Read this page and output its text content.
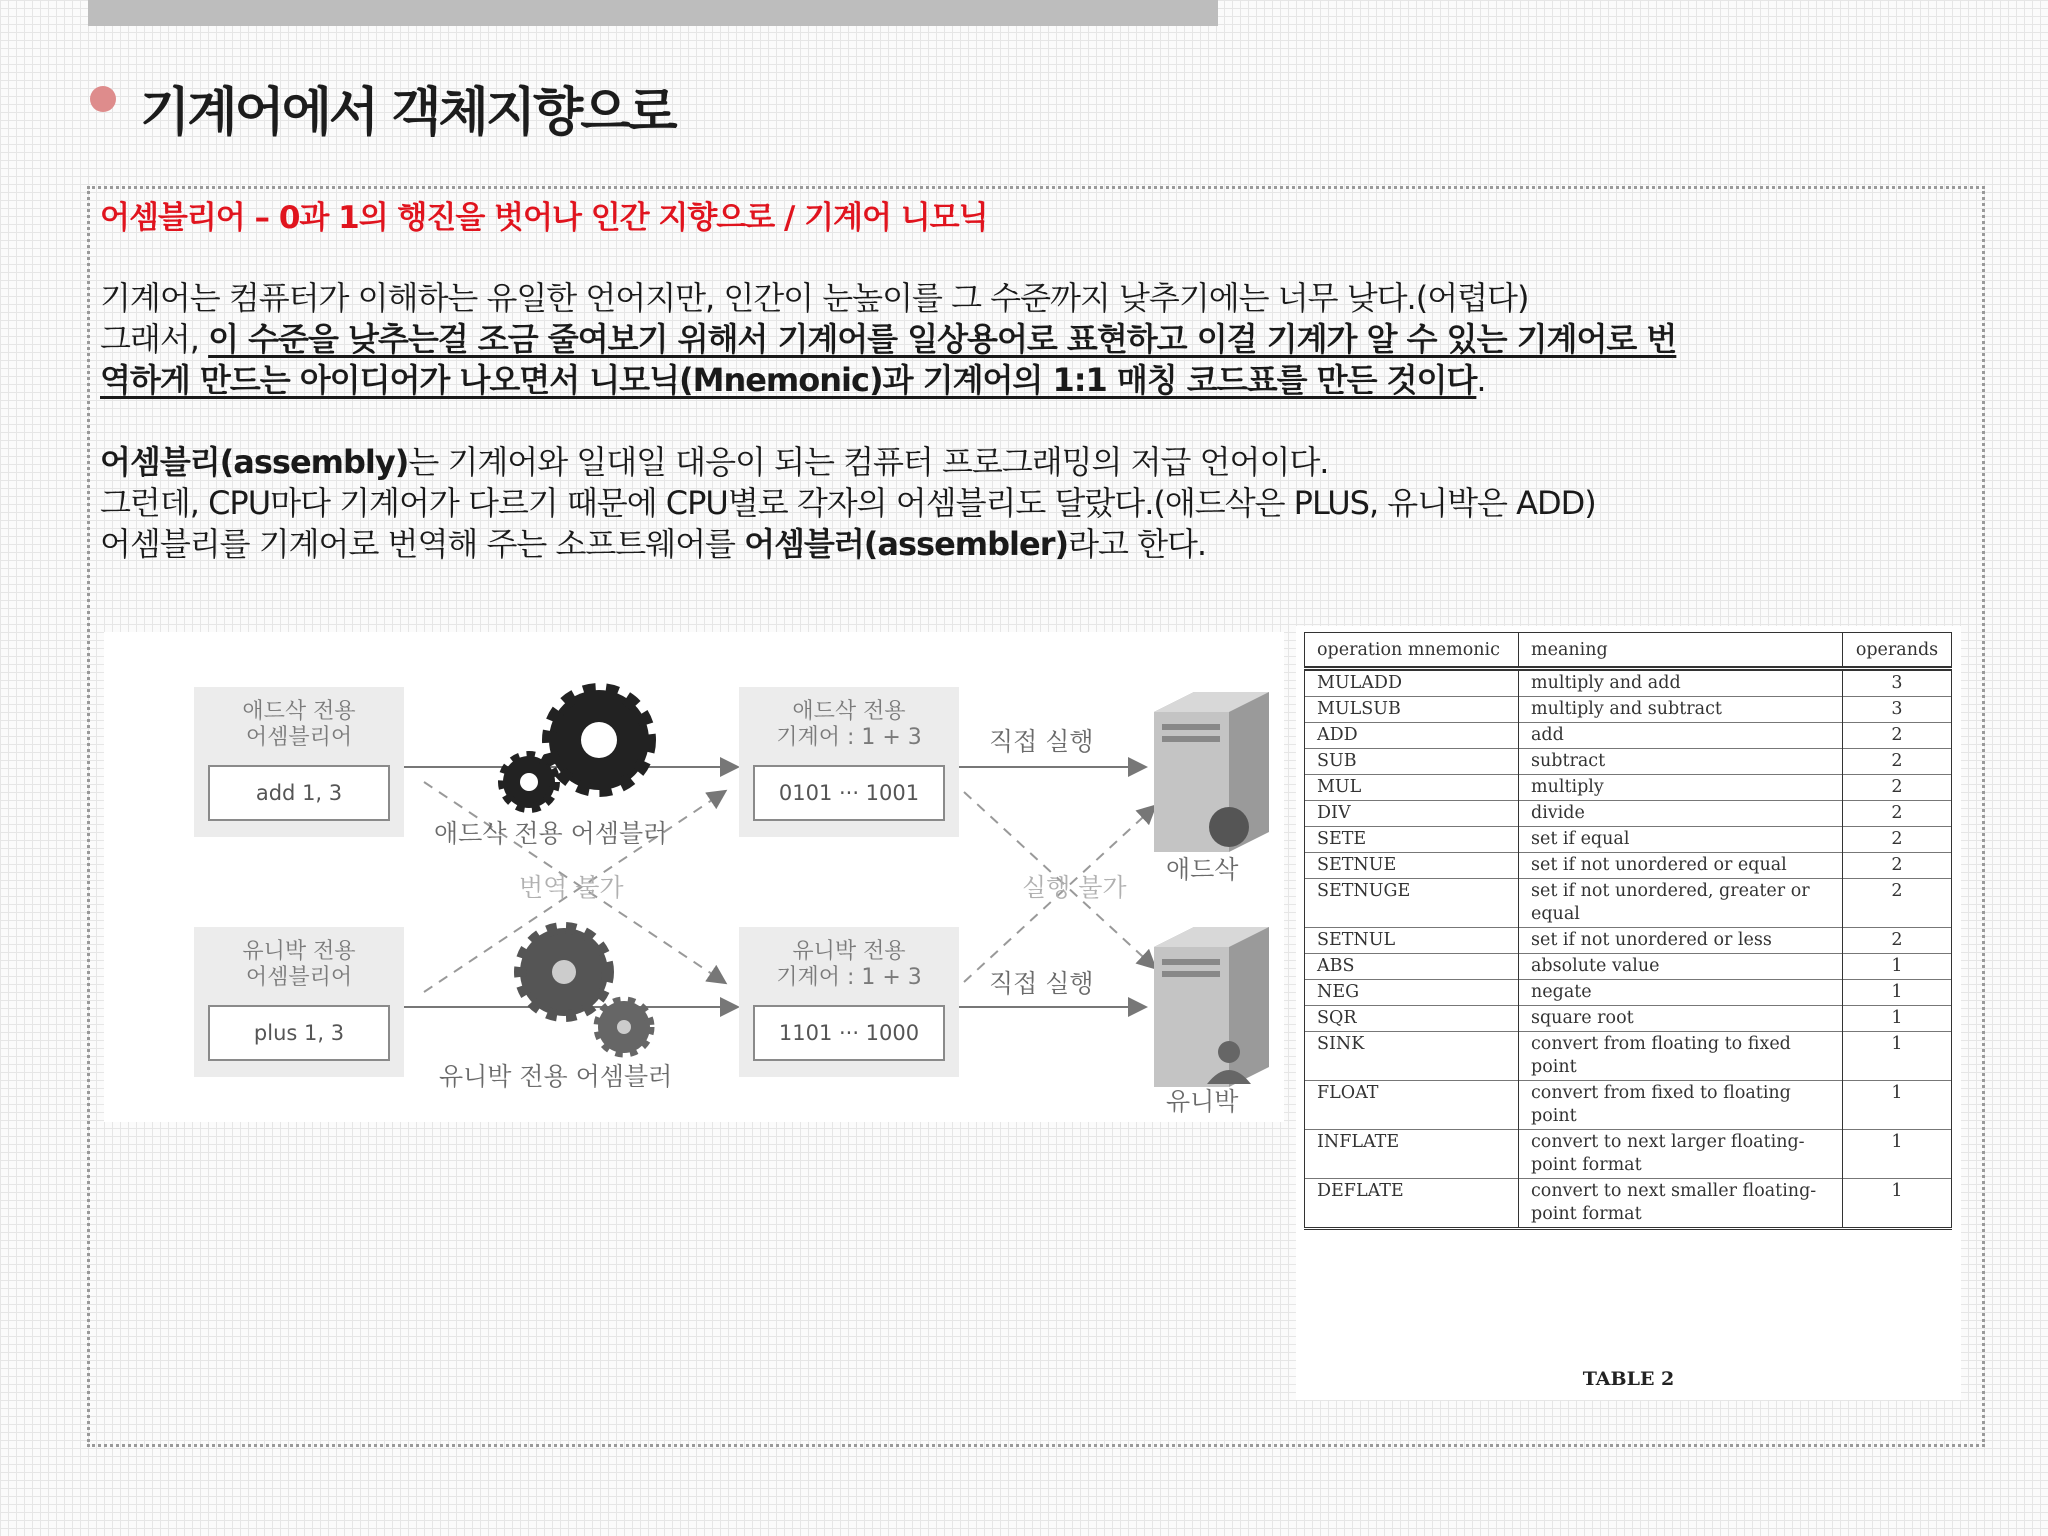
기계어에서 객체지향으로
어셈블리어 – 0과 1의 행진을 벗어나 인간 지향으로 / 기계어 니모닉
기계어는 컴퓨터가 이해하는 유일한 언어지만, 인간이 눈높이를 그 수준까지 낮추기에는 너무 낮다.(어렵다)
그래서, 이 수준을 낮추는걸 조금 줄여보기 위해서 기계어를 일상용어로 표현하고 이걸 기계가 알 수 있는 기계어로 번
역하게 만드는 아이디어가 나오면서 니모닉(Mnemonic)과 기계어의 1:1 매칭 코드표를 만든 것이다.
어셈블리(assembly)는 기계어와 일대일 대응이 되는 컴퓨터 프로그래밍의 저급 언어이다.
그런데, CPU마다 기계어가 다르기 때문에 CPU별로 각자의 어셈블리도 달랐다.(애드삭은 PLUS, 유니박은 ADD)
어셈블리를 기계어로 번역해 주는 소프트웨어를 어셈블러(assembler)라고 한다.
애드삭 전용
어셈블리어
add 1, 3
애드삭 전용
기계어 : 1 + 3
0101 ··· 1001
유니박 전용
어셈블리어
plus 1, 3
유니박 전용
기계어 : 1 + 3
1101 ··· 1000
애드삭 전용 어셈블러
직접 실행
번역 불가	실행 불가
애드삭
유니박 전용 어셈블러
직접 실행
유니박
operation mnemonic	meaning	operands
MULADD	multiply and add	3
MULSUB	multiply and subtract	3
ADD	add	2
SUB	subtract	2
MUL	multiply	2
DIV	divide	2
SETE	set if equal	2
SETNUE	set if not unordered or equal	2
SETNUGE	set if not unordered, greater or equal	2
SETNUL	set if not unordered or less	2
ABS	absolute value	1
NEG	negate	1
SQR	square root	1
SINK	convert from floating to fixed point	1
FLOAT	convert from fixed to floating point	1
INFLATE	convert to next larger floating-point format	1
DEFLATE	convert to next smaller floating-point format	1
TABLE 2
